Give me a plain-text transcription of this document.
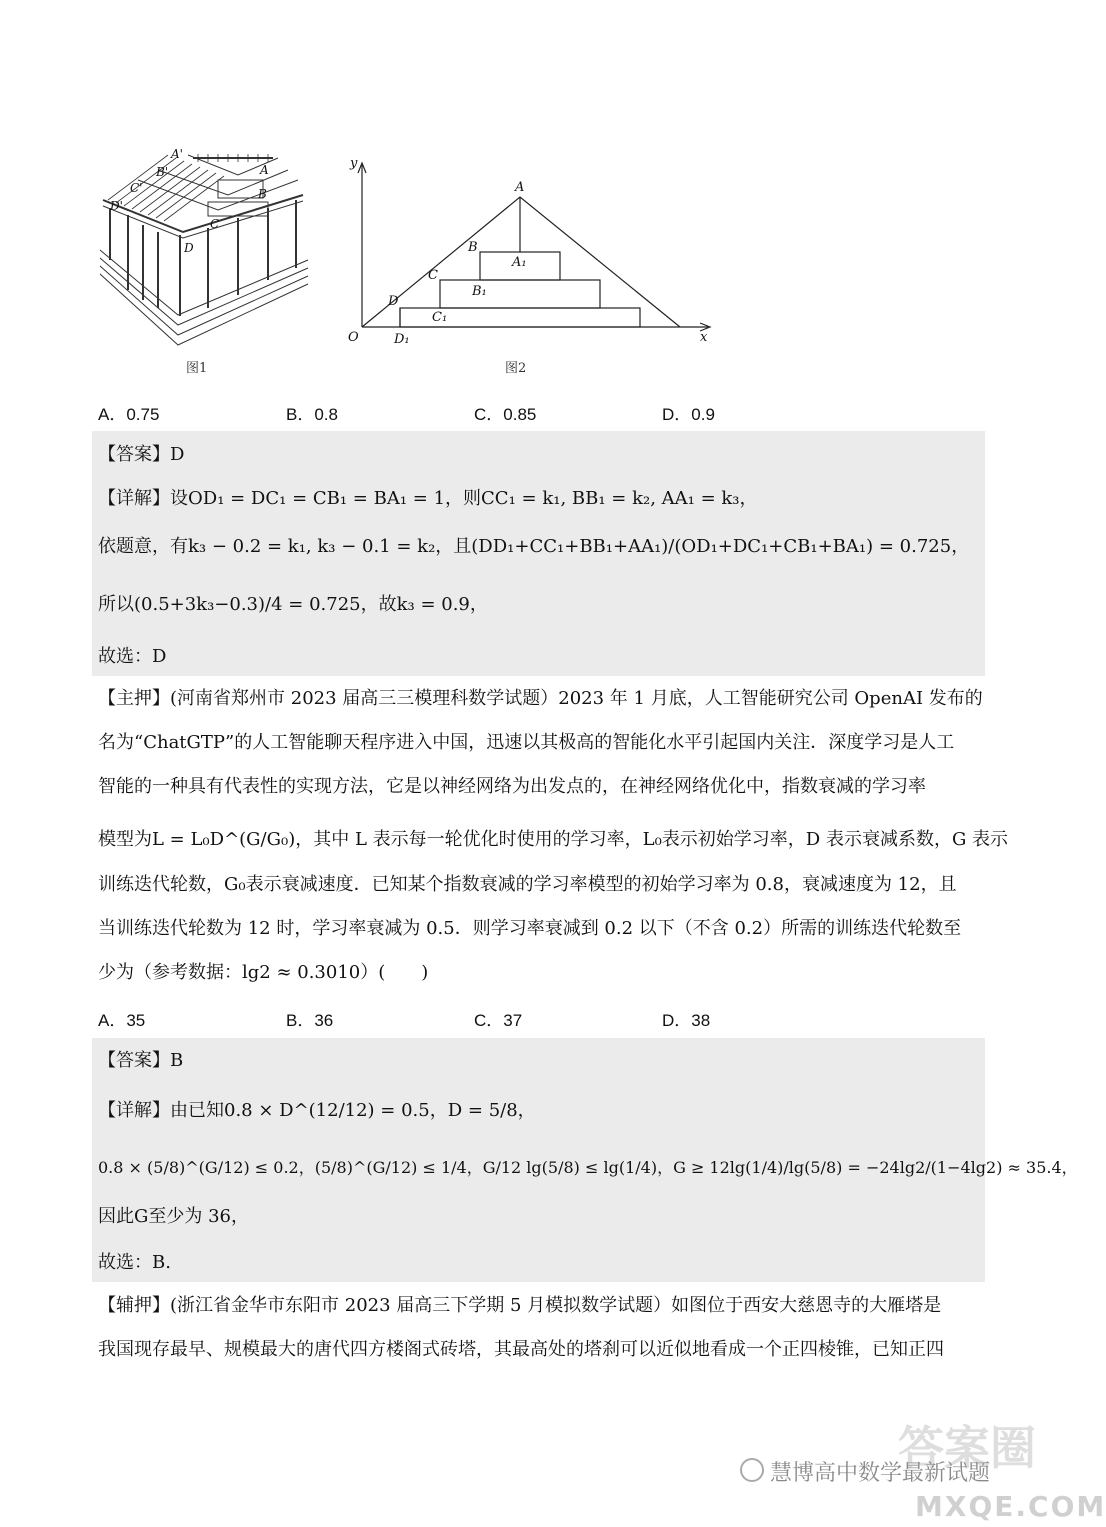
A'
A
B'
B
C'
C
D'
D
图1
y
x
O
A
B
C
D
A₁
B₁
C₁
D₁
图2
A．0.75	B．0.8	C．0.85	D．0.9
【答案】D
【详解】设OD₁ = DC₁ = CB₁ = BA₁ = 1，则CC₁ = k₁, BB₁ = k₂, AA₁ = k₃，
依题意，有k₃ − 0.2 = k₁, k₃ − 0.1 = k₂，且(DD₁+CC₁+BB₁+AA₁)/(OD₁+DC₁+CB₁+BA₁) = 0.725，
所以(0.5+3k₃−0.3)/4 = 0.725，故k₃ = 0.9，
故选：D
【主押】(河南省郑州市 2023 届高三三模理科数学试题）2023 年 1 月底，人工智能研究公司 OpenAI 发布的
名为“ChatGTP”的人工智能聊天程序进入中国，迅速以其极高的智能化水平引起国内关注．深度学习是人工
智能的一种具有代表性的实现方法，它是以神经网络为出发点的，在神经网络优化中，指数衰减的学习率
模型为L = L₀D^(G/G₀)，其中 L 表示每一轮优化时使用的学习率，L₀表示初始学习率，D 表示衰减系数，G 表示
训练迭代轮数，G₀表示衰减速度．已知某个指数衰减的学习率模型的初始学习率为 0.8，衰减速度为 12，且
当训练迭代轮数为 12 时，学习率衰减为 0.5．则学习率衰减到 0.2 以下（不含 0.2）所需的训练迭代轮数至
少为（参考数据：lg2 ≈ 0.3010）(　　)
A．35	B．36	C．37	D．38
【答案】B
【详解】由已知0.8 × D^(12/12) = 0.5，D = 5/8，
0.8 × (5/8)^(G/12) ≤ 0.2，(5/8)^(G/12) ≤ 1/4，G/12 lg(5/8) ≤ lg(1/4)，G ≥ 12lg(1/4)/lg(5/8) = −24lg2/(1−4lg2) ≈ 35.4，
因此G至少为 36，
故选：B.
【辅押】(浙江省金华市东阳市 2023 届高三下学期 5 月模拟数学试题）如图位于西安大慈恩寺的大雁塔是
我国现存最早、规模最大的唐代四方楼阁式砖塔，其最高处的塔刹可以近似地看成一个正四棱锥，已知正四
慧博高中数学最新试题
答案圈
MXQE.COM
